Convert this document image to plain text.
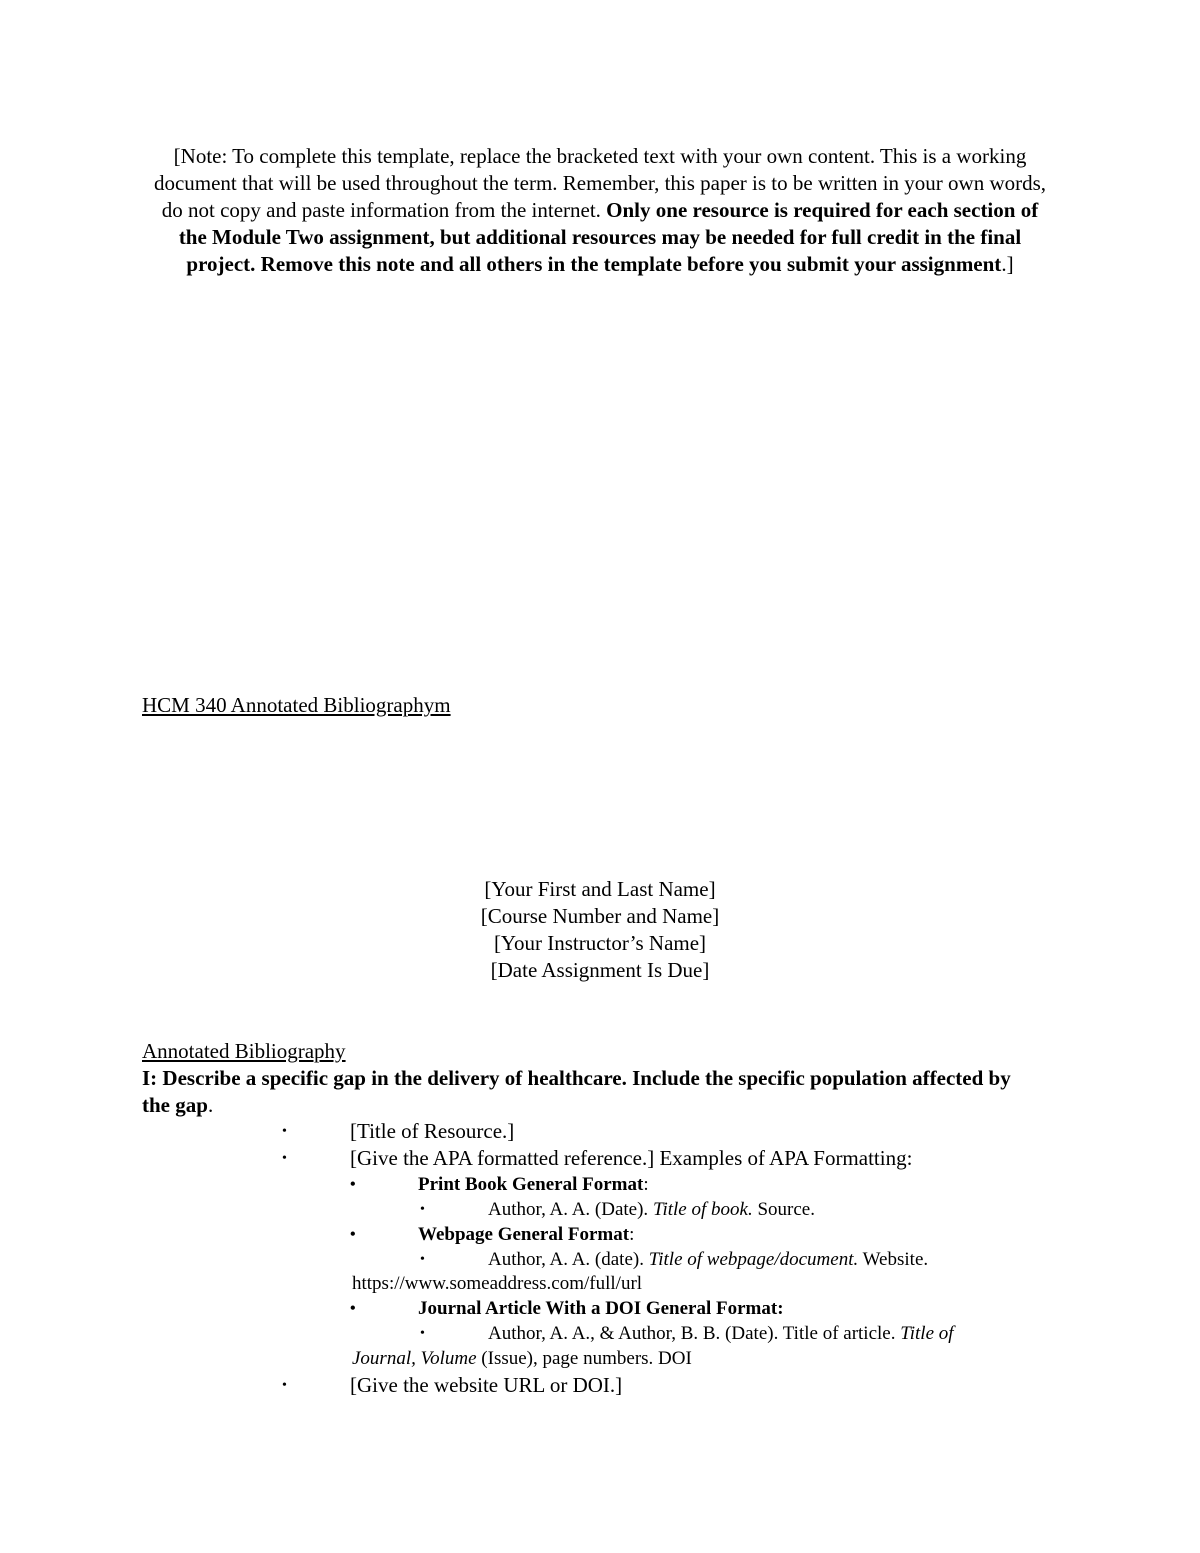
[Note: To complete this template, replace the bracketed text with your own content. This is a working document that will be used throughout the term. Remember, this paper is to be written in your own words, do not copy and paste information from the internet. Only one resource is required for each section of the Module Two assignment, but additional resources may be needed for full credit in the final project. Remove this note and all others in the template before you submit your assignment.]
HCM 340 Annotated Bibliographym
[Your First and Last Name]
[Course Number and Name]
[Your Instructor’s Name]
[Date Assignment Is Due]
Annotated Bibliography
I: Describe a specific gap in the delivery of healthcare. Include the specific population affected by the gap.
•	[Title of Resource.]
•	[Give the APA formatted reference.] Examples of APA Formatting:
•	Print Book General Format:
•	Author, A. A. (Date). Title of book. Source.
•	Webpage General Format:
•	Author, A. A. (date). Title of webpage/document. Website.
https://www.someaddress.com/full/url
•	Journal Article With a DOI General Format:
•	Author, A. A., & Author, B. B. (Date). Title of article. Title of
Journal, Volume (Issue), page numbers. DOI
•	[Give the website URL or DOI.]
